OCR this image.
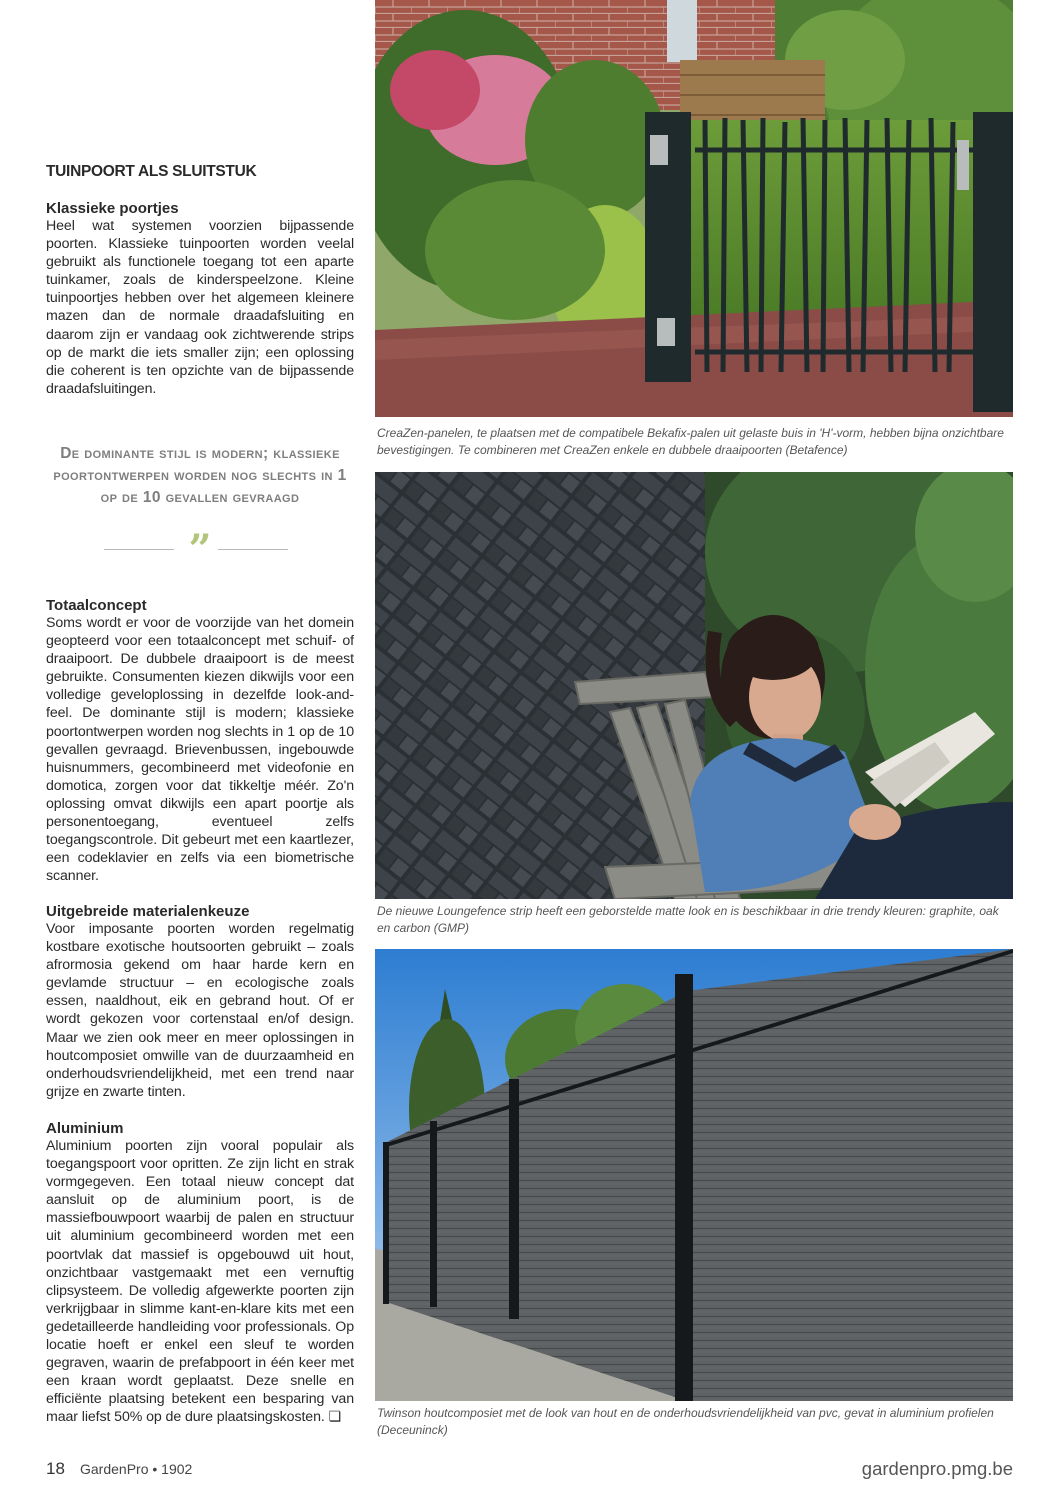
TUINPOORT ALS SLUITSTUK
Klassieke poortjes

Heel wat systemen voorzien bijpassende poorten. Klassieke tuinpoorten worden veelal gebruikt als functionele toegang tot een aparte tuinkamer, zoals de kinderspeelzone. Kleine tuinpoortjes hebben over het algemeen kleinere mazen dan de normale draadafsluiting en daarom zijn er vandaag ook zichtwerende strips op de markt die iets smaller zijn; een oplossing die coherent is ten opzichte van de bijpassende draadafsluitingen.

De dominante stijl is modern; klassieke poortontwerpen worden nog slechts in 1 op de 10 gevallen gevraagd
”
Totaalconcept

Soms wordt er voor de voorzijde van het domein geopteerd voor een totaalconcept met schuif- of draaipoort. De dubbele draaipoort is de meest gebruikte. Consumenten kiezen dikwijls voor een volledige geveloplossing in dezelfde look-and-feel. De dominante stijl is modern; klassieke poortontwerpen worden nog slechts in 1 op de 10 gevallen gevraagd. Brievenbussen, ingebouwde huisnummers, gecombineerd met videofonie en domotica, zorgen voor dat tikkeltje méér. Zo'n oplossing omvat dikwijls een apart poortje als personentoegang, eventueel zelfs toegangscontrole. Dit gebeurt met een kaartlezer, een codeklavier en zelfs via een biometrische scanner.

Uitgebreide materialenkeuze

Voor imposante poorten worden regelmatig kostbare exotische houtsoorten gebruikt – zoals afrormosia gekend om haar harde kern en gevlamde structuur – en ecologische zoals essen, naaldhout, eik en gebrand hout. Of er wordt gekozen voor cortenstaal en/of design. Maar we zien ook meer en meer oplossingen in houtcomposiet omwille van de duurzaamheid en onderhoudsvriendelijkheid, met een trend naar grijze en zwarte tinten.

Aluminium

Aluminium poorten zijn vooral populair als toegangspoort voor opritten. Ze zijn licht en strak vormgegeven. Een totaal nieuw concept dat aansluit op de aluminium poort, is de massiefbouwpoort waarbij de palen en structuur uit aluminium gecombineerd worden met een poortvlak dat massief is opgebouwd uit hout, onzichtbaar vastgemaakt met een vernuftig clipsysteem. De volledig afgewerkte poorten zijn verkrijgbaar in slimme kant-en-klare kits met een gedetailleerde handleiding voor professionals. Op locatie hoeft er enkel een sleuf te worden gegraven, waarin de prefabpoort in één keer met een kraan wordt geplaatst. Deze snelle en efficiënte plaatsing betekent een besparing van maar liefst 50% op de dure plaatsingskosten. ❏

CreaZen-panelen, te plaatsen met de compatibele Bekafix-palen uit gelaste buis in 'H'-vorm, hebben bijna onzichtbare bevestigingen. Te combineren met CreaZen enkele en dubbele draaipoorten (Betafence)

De nieuwe Loungefence strip heeft een geborstelde matte look en is beschikbaar in drie trendy kleuren: graphite, oak en carbon (GMP)

Twinson houtcomposiet met de look van hout en de onderhoudsvriendelijkheid van pvc, gevat in aluminium profielen (Deceuninck)

18 GardenPro • 1902	gardenpro.pmg.be
